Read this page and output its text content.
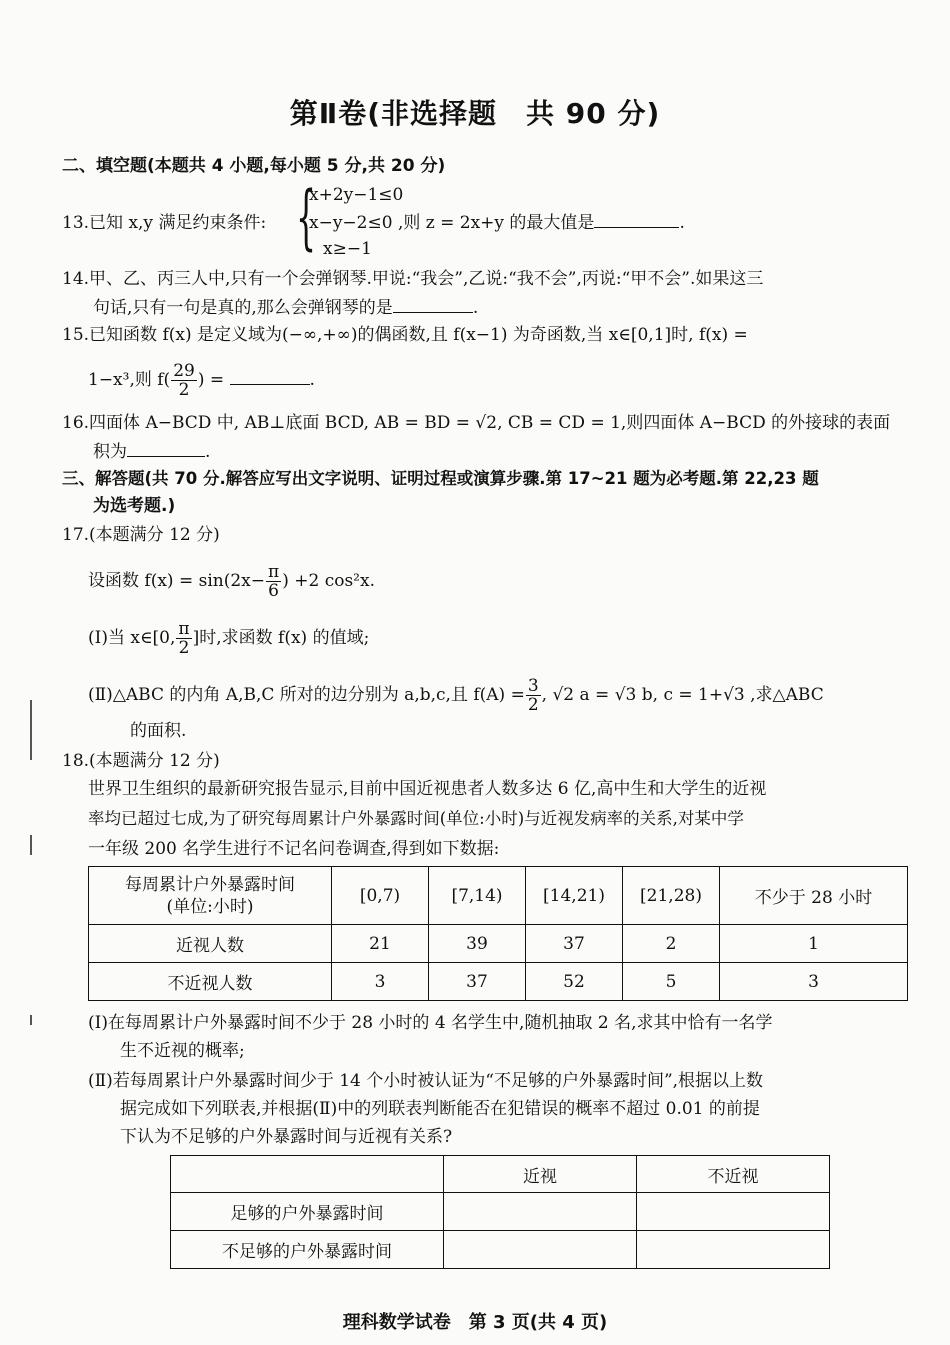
第Ⅱ卷(非选择题　共 90 分)
二、填空题(本题共 4 小题,每小题 5 分,共 20 分)
13.已知 x,y 满足约束条件: {
x+2y−1≤0
x−y−2≤0 ,则 z = 2x+y 的最大值是	.
x≥−1
14.甲、乙、丙三人中,只有一个会弹钢琴.甲说:“我会”,乙说:“我不会”,丙说:“甲不会”.如果这三
句话,只有一句是真的,那么会弹钢琴的是	.
15.已知函数 f(x) 是定义域为(−∞,+∞)的偶函数,且 f(x−1) 为奇函数,当 x∈[0,1]时, f(x) =
1−x³,则 $f( \frac{29}{2}$ ) =	.
16.四面体 A−BCD 中, AB⊥底面 BCD, AB = BD = √2, CB = CD = 1,则四面体 A−BCD 的外接球的表面
积为	.
三、解答题(共 70 分.解答应写出文字说明、证明过程或演算步骤.第 17~21 题为必考题.第 22,23 题
为选考题.)
17.(本题满分 12 分)
设函数 $f(x) = \sin(2x- \frac{\pi}{6}$ ) +2 cos²x.
(Ⅰ)当 x∈[0, $\frac{\pi}{2}$ ]时,求函数 f(x) 的值域;
(Ⅱ)△ABC 的内角 A,B,C 所对的边分别为 a,b,c,且 $f(A) = \frac{3}{2}$ , √2 a = √3 b, c = 1+√3 ,求△ABC
的面积.
18.(本题满分 12 分)
世界卫生组织的最新研究报告显示,目前中国近视患者人数多达 6 亿,高中生和大学生的近视
率均已超过七成,为了研究每周累计户外暴露时间(单位:小时)与近视发病率的关系,对某中学
一年级 200 名学生进行不记名问卷调查,得到如下数据:
每周累计户外暴露时间
(单位:小时)	[0,7)	[7,14)	[14,21)	[21,28)	不少于 28 小时
近视人数	21	39	37	2	1
不近视人数	3	37	52	5	3
(Ⅰ)在每周累计户外暴露时间不少于 28 小时的 4 名学生中,随机抽取 2 名,求其中恰有一名学
生不近视的概率;
(Ⅱ)若每周累计户外暴露时间少于 14 个小时被认证为“不足够的户外暴露时间”,根据以上数
据完成如下列联表,并根据(Ⅱ)中的列联表判断能否在犯错误的概率不超过 0.01 的前提
下认为不足够的户外暴露时间与近视有关系?
	近视	不近视
足够的户外暴露时间		
不足够的户外暴露时间		
理科数学试卷　第 3 页(共 4 页)
